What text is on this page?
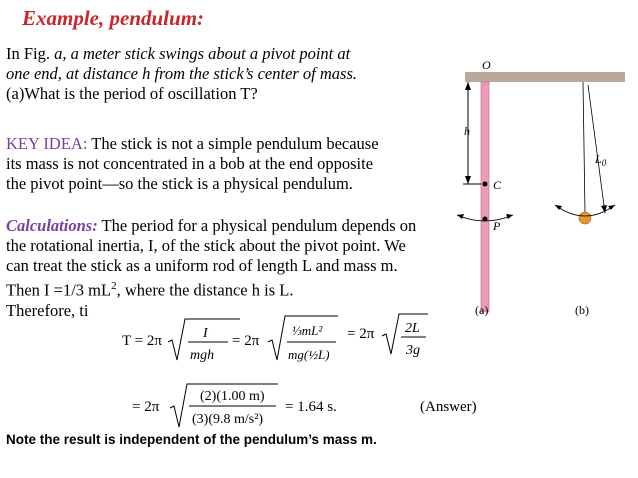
Example, pendulum:
In Fig. a, a meter stick swings about a pivot point at
one end, at distance h from the stick’s center of mass.
(a)What is the period of oscillation T?
KEY IDEA: The stick is not a simple pendulum because
its mass is not concentrated in a bob at the end opposite
the pivot point—so the stick is a physical pendulum.
Calculations: The period for a physical pendulum depends on
the rotational inertia, I, of the stick about the pivot point. We
can treat the stick as a uniform rod of length L and mass m.
Then I =1/3 $mL^2$, where the distance h is L.
Therefore, ti
T = 2π	I
mgh
= 2π
⅓mL²
mg(½L)
= 2π 2L
3g
= 2π
(2)(1.00 m)
(3)(9.8 m/s²)
= 1.64 s.	(Answer)
Note the result is independent of the pendulum’s mass m.
O
h
C
P
$L_0$
(a)	(b)
